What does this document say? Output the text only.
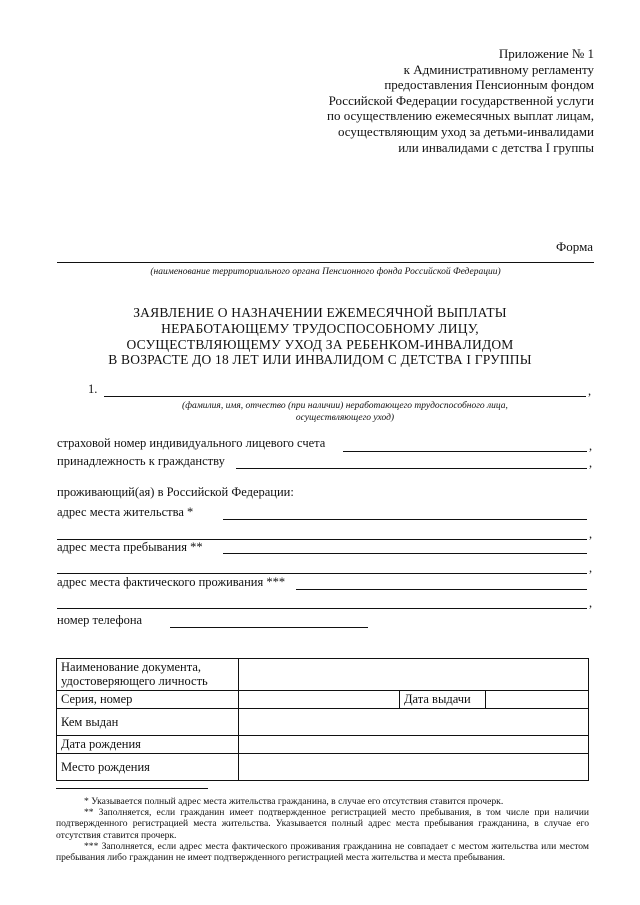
Приложение № 1
к Административному регламенту
предоставления Пенсионным фондом
Российской Федерации государственной услуги
по осуществлению ежемесячных выплат лицам,
осуществляющим уход за детьми-инвалидами
или инвалидами с детства I группы
Форма
(наименование территориального органа Пенсионного фонда Российской Федерации)
ЗАЯВЛЕНИЕ О НАЗНАЧЕНИИ ЕЖЕМЕСЯЧНОЙ ВЫПЛАТЫ
НЕРАБОТАЮЩЕМУ ТРУДОСПОСОБНОМУ ЛИЦУ,
ОСУЩЕСТВЛЯЮЩЕМУ УХОД ЗА РЕБЕНКОМ-ИНВАЛИДОМ
В ВОЗРАСТЕ ДО 18 ЛЕТ ИЛИ ИНВАЛИДОМ С ДЕТСТВА I ГРУППЫ
1.	,
(фамилия, имя, отчество (при наличии) неработающего трудоспособного лица,
осуществляющего уход)
страховой номер индивидуального лицевого счета	,
принадлежность к гражданству	,
проживающий(ая) в Российской Федерации:
адрес места жительства *
,
адрес места пребывания **
,
адрес места фактического проживания ***
,
номер телефона
Наименование документа, удостоверяющего личность			
Серия, номер		Дата выдачи	
Кем выдан			
Дата рождения			
Место рождения			

* Указывается полный адрес места жительства гражданина, в случае его отсутствия ставится прочерк.

** Заполняется, если гражданин имеет подтвержденное регистрацией место пребывания, в том числе при наличии подтвержденного регистрацией места жительства. Указывается полный адрес места пребывания гражданина, в случае его отсутствия ставится прочерк.

*** Заполняется, если адрес места фактического проживания гражданина не совпадает с местом жительства или местом пребывания либо гражданин не имеет подтвержденного регистрацией места жительства и места пребывания.
